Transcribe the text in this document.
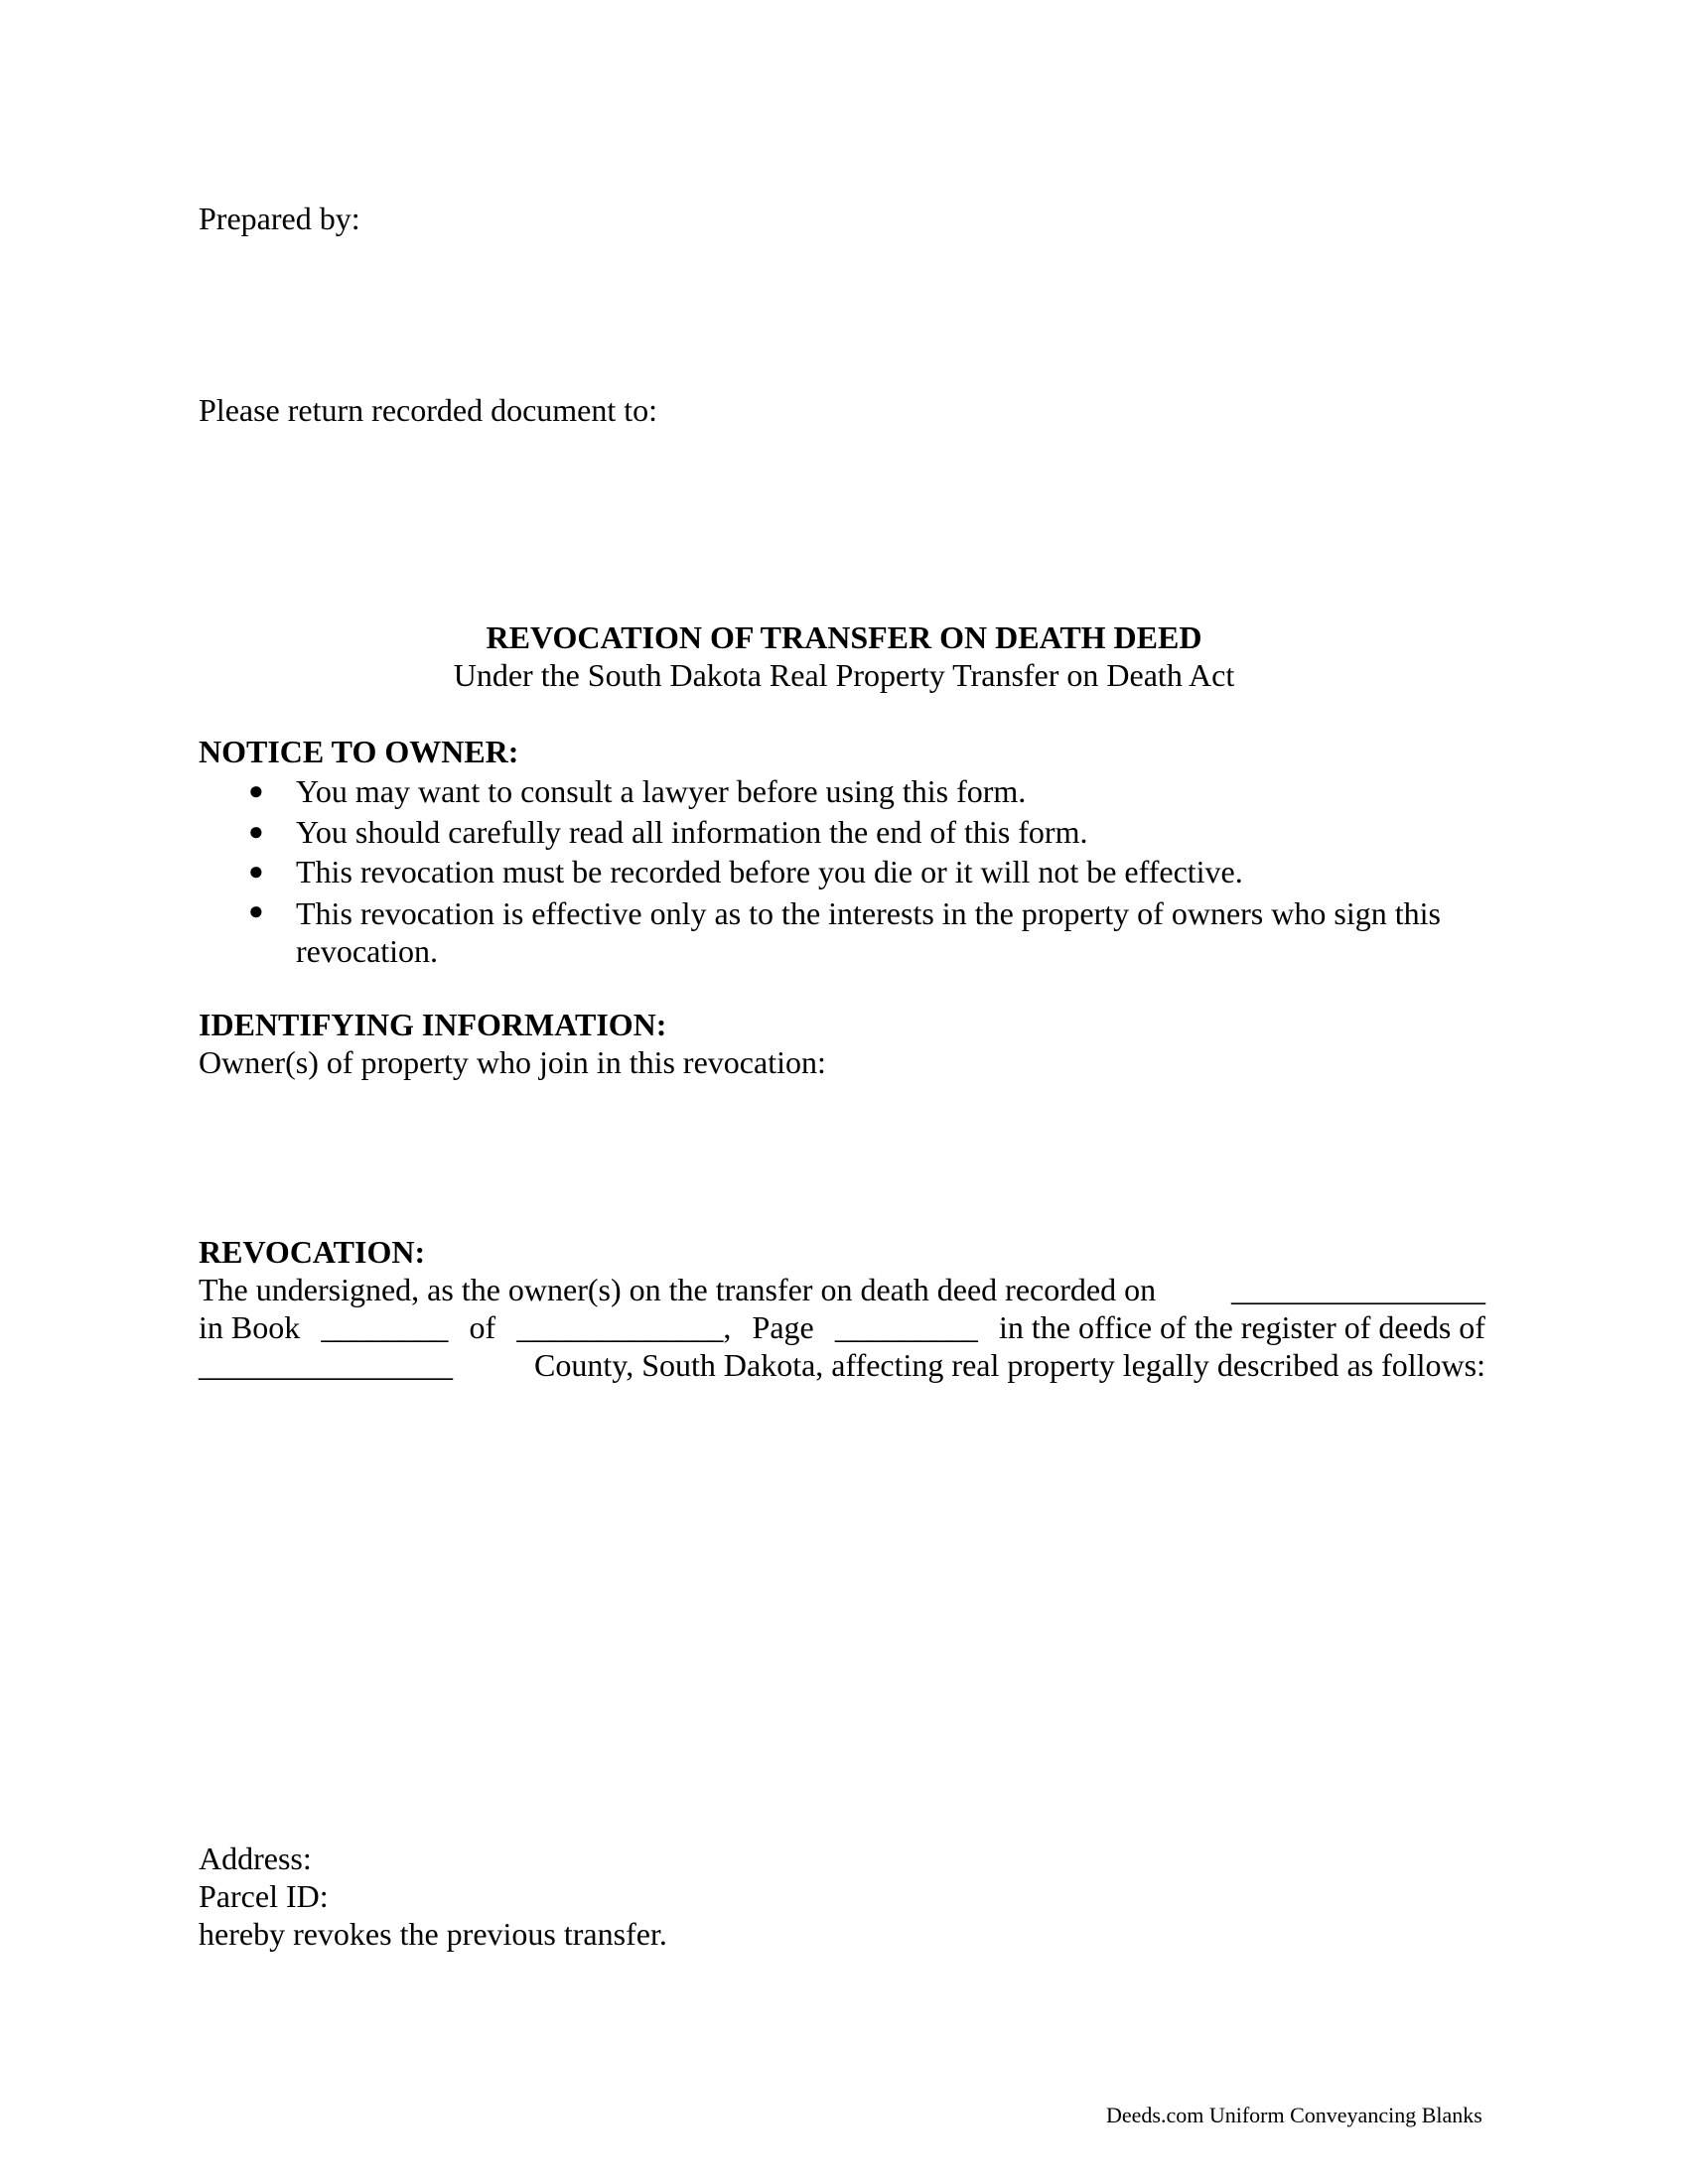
Prepared by:
Please return recorded document to:
REVOCATION OF TRANSFER ON DEATH DEED
Under the South Dakota Real Property Transfer on Death Act
NOTICE TO OWNER:
● You may want to consult a lawyer before using this form.
● You should carefully read all information the end of this form.
● This revocation must be recorded before you die or it will not be effective.
● This revocation is effective only as to the interests in the property of owners who sign this revocation.
IDENTIFYING INFORMATION:
Owner(s) of property who join in this revocation:
REVOCATION:
The undersigned, as the owner(s) on the transfer on death deed recorded on ________________
in Book ________ of _____________, Page _________ in the office of the register of deeds of
________________	County, South Dakota, affecting real property legally described as follows:
Address:
Parcel ID:
hereby revokes the previous transfer.
Deeds.com Uniform Conveyancing Blanks
